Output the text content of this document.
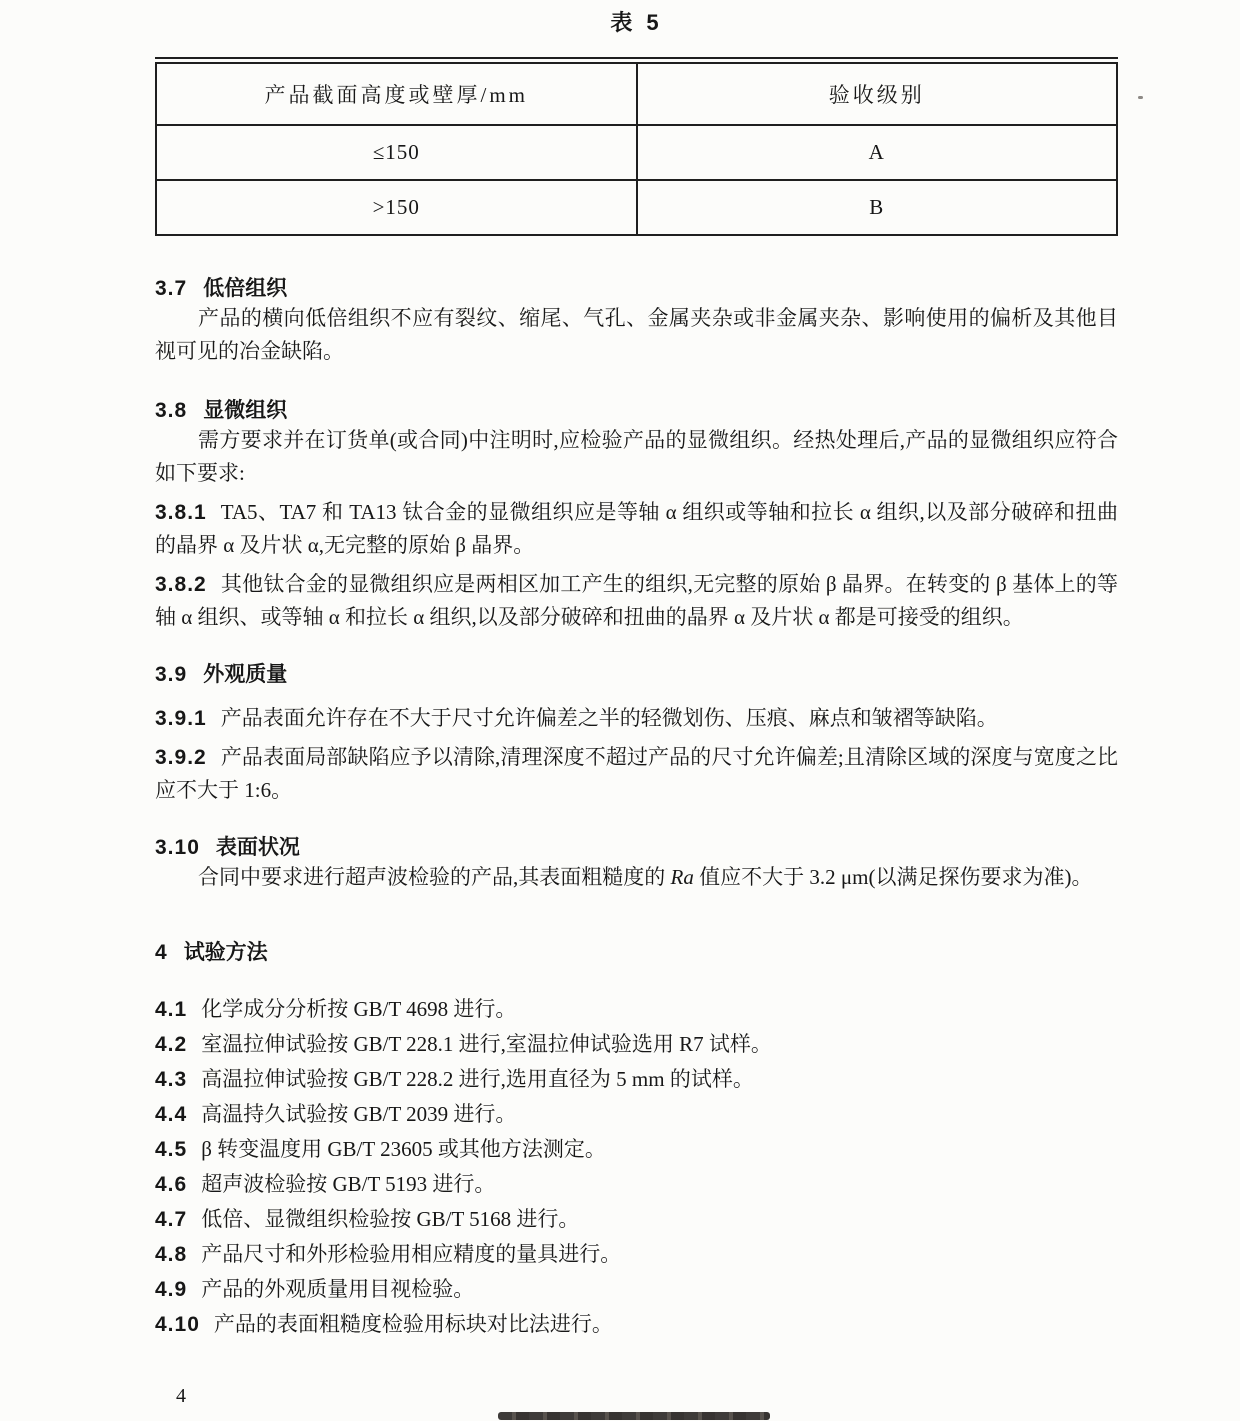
表 5

产品截面高度或壁厚/mm	验收级别
≤150	A
>150	B

3.7 低倍组织

产品的横向低倍组织不应有裂纹、缩尾、气孔、金属夹杂或非金属夹杂、影响使用的偏析及其他目视可见的冶金缺陷。

3.8 显微组织

需方要求并在订货单(或合同)中注明时,应检验产品的显微组织。经热处理后,产品的显微组织应符合如下要求:

3.8.1 TA5、TA7 和 TA13 钛合金的显微组织应是等轴 α 组织或等轴和拉长 α 组织,以及部分破碎和扭曲的晶界 α 及片状 α,无完整的原始 β 晶界。

3.8.2 其他钛合金的显微组织应是两相区加工产生的组织,无完整的原始 β 晶界。在转变的 β 基体上的等轴 α 组织、或等轴 α 和拉长 α 组织,以及部分破碎和扭曲的晶界 α 及片状 α 都是可接受的组织。

3.9 外观质量

3.9.1 产品表面允许存在不大于尺寸允许偏差之半的轻微划伤、压痕、麻点和皱褶等缺陷。

3.9.2 产品表面局部缺陷应予以清除,清理深度不超过产品的尺寸允许偏差;且清除区域的深度与宽度之比应不大于 1:6。

3.10 表面状况

合同中要求进行超声波检验的产品,其表面粗糙度的 Ra 值应不大于 3.2 μm(以满足探伤要求为准)。

4 试验方法

4.1 化学成分分析按 GB/T 4698 进行。

4.2 室温拉伸试验按 GB/T 228.1 进行,室温拉伸试验选用 R7 试样。

4.3 高温拉伸试验按 GB/T 228.2 进行,选用直径为 5 mm 的试样。

4.4 高温持久试验按 GB/T 2039 进行。

4.5 β 转变温度用 GB/T 23605 或其他方法测定。

4.6 超声波检验按 GB/T 5193 进行。

4.7 低倍、显微组织检验按 GB/T 5168 进行。

4.8 产品尺寸和外形检验用相应精度的量具进行。

4.9 产品的外观质量用目视检验。

4.10 产品的表面粗糙度检验用标块对比法进行。

4
